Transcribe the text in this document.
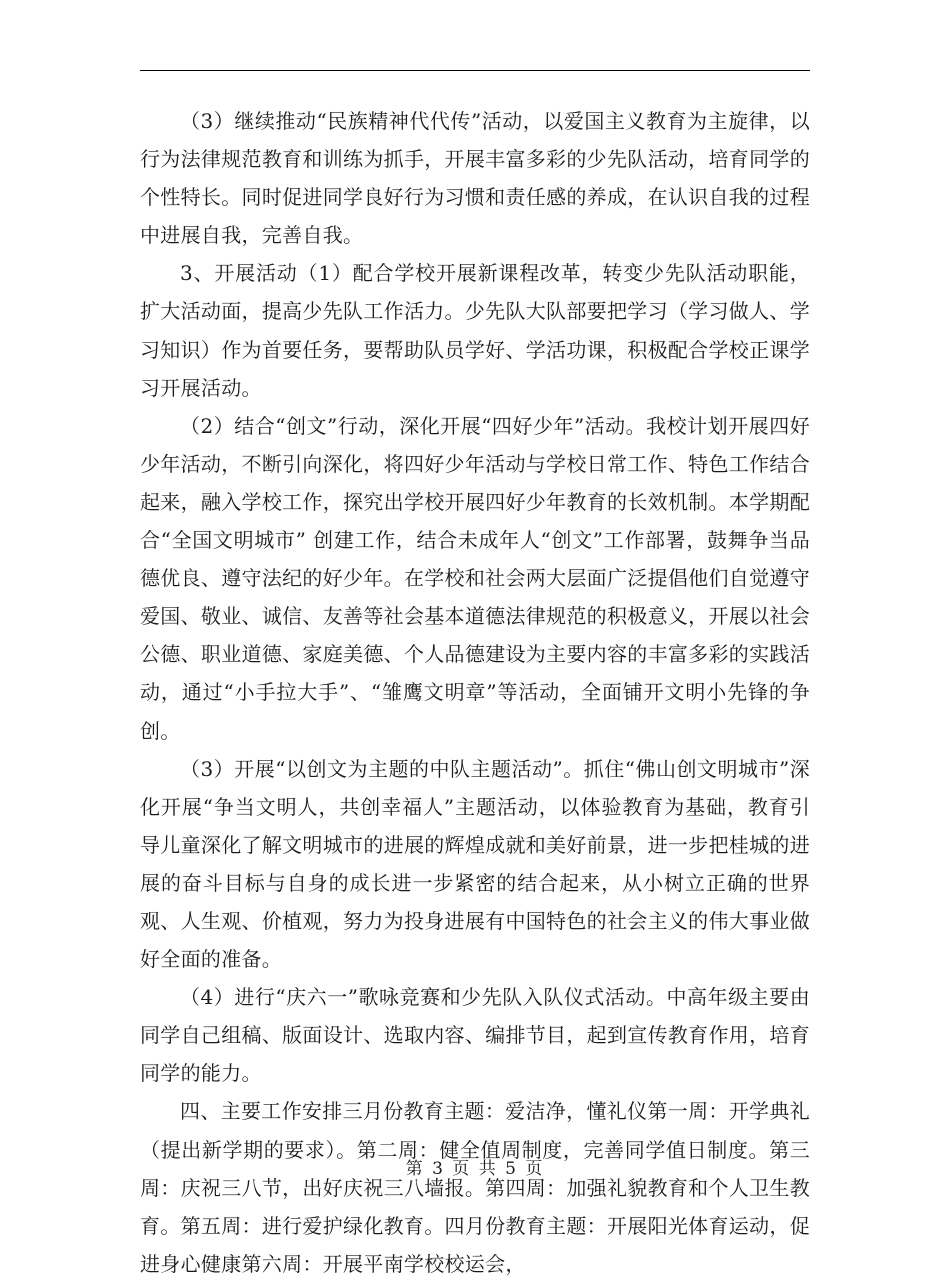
（3）继续推动“民族精神代代传”活动，以爱国主义教育为主旋律，以行为法律规范教育和训练为抓手，开展丰富多彩的少先队活动，培育同学的个性特长。同时促进同学良好行为习惯和责任感的养成，在认识自我的过程中进展自我，完善自我。

3、开展活动（1）配合学校开展新课程改革，转变少先队活动职能，扩大活动面，提高少先队工作活力。少先队大队部要把学习（学习做人、学习知识）作为首要任务，要帮助队员学好、学活功课，积极配合学校正课学习开展活动。

（2）结合“创文”行动，深化开展“四好少年”活动。我校计划开展四好少年活动，不断引向深化，将四好少年活动与学校日常工作、特色工作结合起来，融入学校工作，探究出学校开展四好少年教育的长效机制。本学期配合“全国文明城市” 创建工作，结合未成年人“创文”工作部署，鼓舞争当品德优良、遵守法纪的好少年。在学校和社会两大层面广泛提倡他们自觉遵守爱国、敬业、诚信、友善等社会基本道德法律规范的积极意义，开展以社会公德、职业道德、家庭美德、个人品德建设为主要内容的丰富多彩的实践活动，通过“小手拉大手”、“雏鹰文明章”等活动，全面铺开文明小先锋的争创。

（3）开展“以创文为主题的中队主题活动”。抓住“佛山创文明城市”深化开展“争当文明人，共创幸福人”主题活动，以体验教育为基础，教育引导儿童深化了解文明城市的进展的辉煌成就和美好前景，进一步把桂城的进展的奋斗目标与自身的成长进一步紧密的结合起来，从小树立正确的世界观、人生观、价植观，努力为投身进展有中国特色的社会主义的伟大事业做好全面的准备。

（4）进行“庆六一”歌咏竞赛和少先队入队仪式活动。中高年级主要由同学自己组稿、版面设计、选取内容、编排节目，起到宣传教育作用，培育同学的能力。

四、主要工作安排三月份教育主题：爱洁净，懂礼仪第一周：开学典礼（提出新学期的要求）。第二周：健全值周制度，完善同学值日制度。第三周：庆祝三八节，出好庆祝三八墙报。第四周：加强礼貌教育和个人卫生教育。第五周：进行爱护绿化教育。四月份教育主题：开展阳光体育运动，促进身心健康第六周：开展平南学校校运会，

第 3 页 共 5 页
